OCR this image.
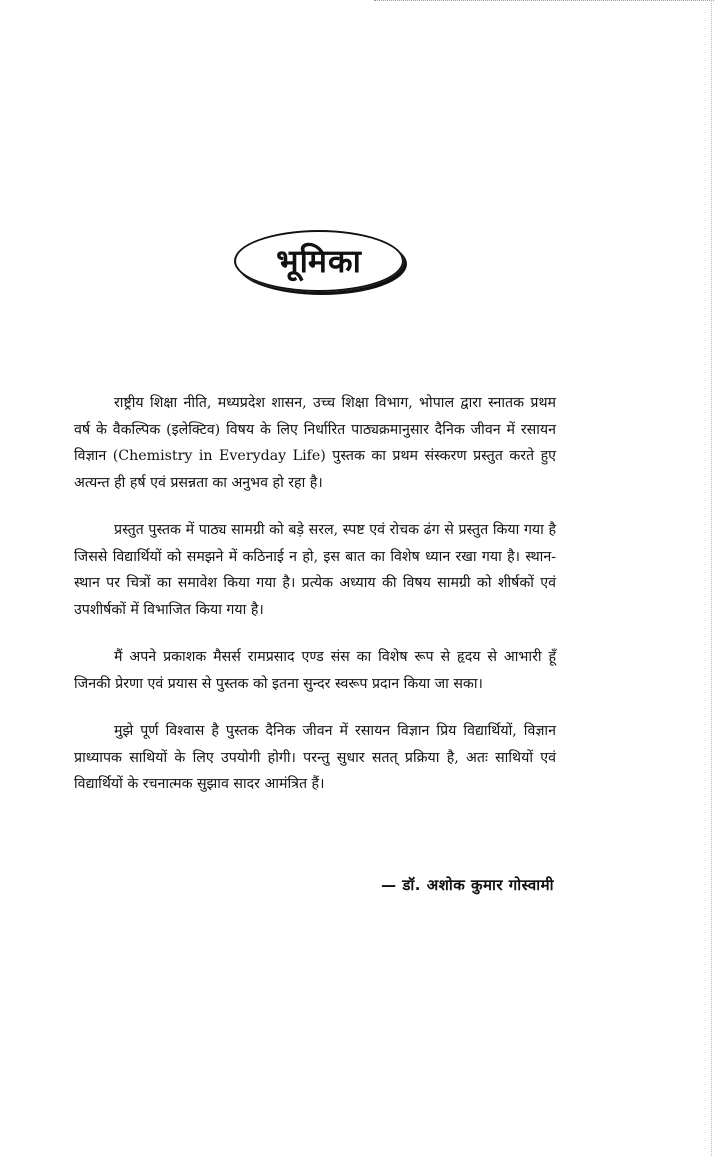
भूमिका

राष्ट्रीय शिक्षा नीति, मध्यप्रदेश शासन, उच्च शिक्षा विभाग, भोपाल द्वारा स्नातक प्रथम वर्ष के वैकल्पिक (इलेक्टिव) विषय के लिए निर्धारित पाठ्यक्रमानुसार दैनिक जीवन में रसायन विज्ञान (Chemistry in Everyday Life) पुस्तक का प्रथम संस्करण प्रस्तुत करते हुए अत्यन्त ही हर्ष एवं प्रसन्नता का अनुभव हो रहा है।

प्रस्तुत पुस्तक में पाठ्य सामग्री को बड़े सरल, स्पष्ट एवं रोचक ढंग से प्रस्तुत किया गया है जिससे विद्यार्थियों को समझने में कठिनाई न हो, इस बात का विशेष ध्यान रखा गया है। स्थान-स्थान पर चित्रों का समावेश किया गया है। प्रत्येक अध्याय की विषय सामग्री को शीर्षकों एवं उपशीर्षकों में विभाजित किया गया है।

मैं अपने प्रकाशक मैसर्स रामप्रसाद एण्ड संस का विशेष रूप से हृदय से आभारी हूँ जिनकी प्रेरणा एवं प्रयास से पुस्तक को इतना सुन्दर स्वरूप प्रदान किया जा सका।

मुझे पूर्ण विश्वास है पुस्तक दैनिक जीवन में रसायन विज्ञान प्रिय विद्यार्थियों, विज्ञान प्राध्यापक साथियों के लिए उपयोगी होगी। परन्तु सुधार सतत् प्रक्रिया है, अतः साथियों एवं विद्यार्थियों के रचनात्मक सुझाव सादर आमंत्रित हैं।

— डॉ. अशोक कुमार गोस्वामी
